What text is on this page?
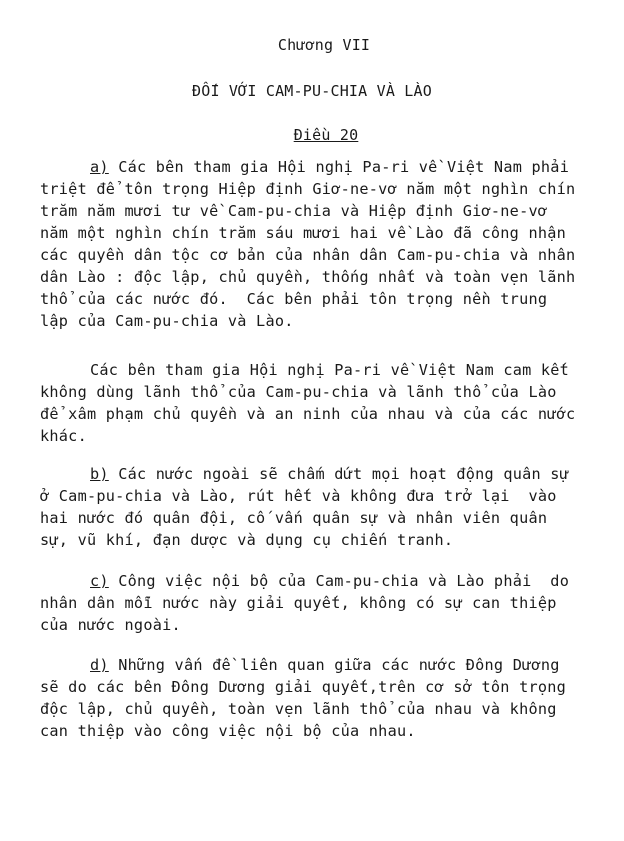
Chương VII
ĐỐI VỚI CAM-PU-CHIA VÀ LÀO
Điều 20
a) Các bên tham gia Hội nghị Pa-ri về Việt Nam phải
triệt để tôn trọng Hiệp định Giơ-ne-vơ năm một nghìn chín
trăm năm mươi tư về Cam-pu-chia và Hiệp định Giơ-ne-vơ
năm một nghìn chín trăm sáu mươi hai về Lào đã công nhận
các quyền dân tộc cơ bản của nhân dân Cam-pu-chia và nhân
dân Lào : độc lập, chủ quyền, thống nhất và toàn vẹn lãnh
thổ của các nước đó.  Các bên phải tôn trọng nền trung
lập của Cam-pu-chia và Lào.
Các bên tham gia Hội nghị Pa-ri về Việt Nam cam kết
không dùng lãnh thổ của Cam-pu-chia và lãnh thổ của Lào
để xâm phạm chủ quyền và an ninh của nhau và của các nước
khác.
b) Các nước ngoài sẽ chấm dứt mọi hoạt động quân sự
ở Cam-pu-chia và Lào, rút hết và không đưa trở lại  vào
hai nước đó quân đội, cố vấn quân sự và nhân viên quân
sự, vũ khí, đạn dược và dụng cụ chiến tranh.
c) Công việc nội bộ của Cam-pu-chia và Lào phải  do
nhân dân mỗi nước này giải quyết, không có sự can thiệp
của nước ngoài.
d) Những vấn đề liên quan giữa các nước Đông Dương
sẽ do các bên Đông Dương giải quyết,trên cơ sở tôn trọng
độc lập, chủ quyền, toàn vẹn lãnh thổ của nhau và không
can thiệp vào công việc nội bộ của nhau.
